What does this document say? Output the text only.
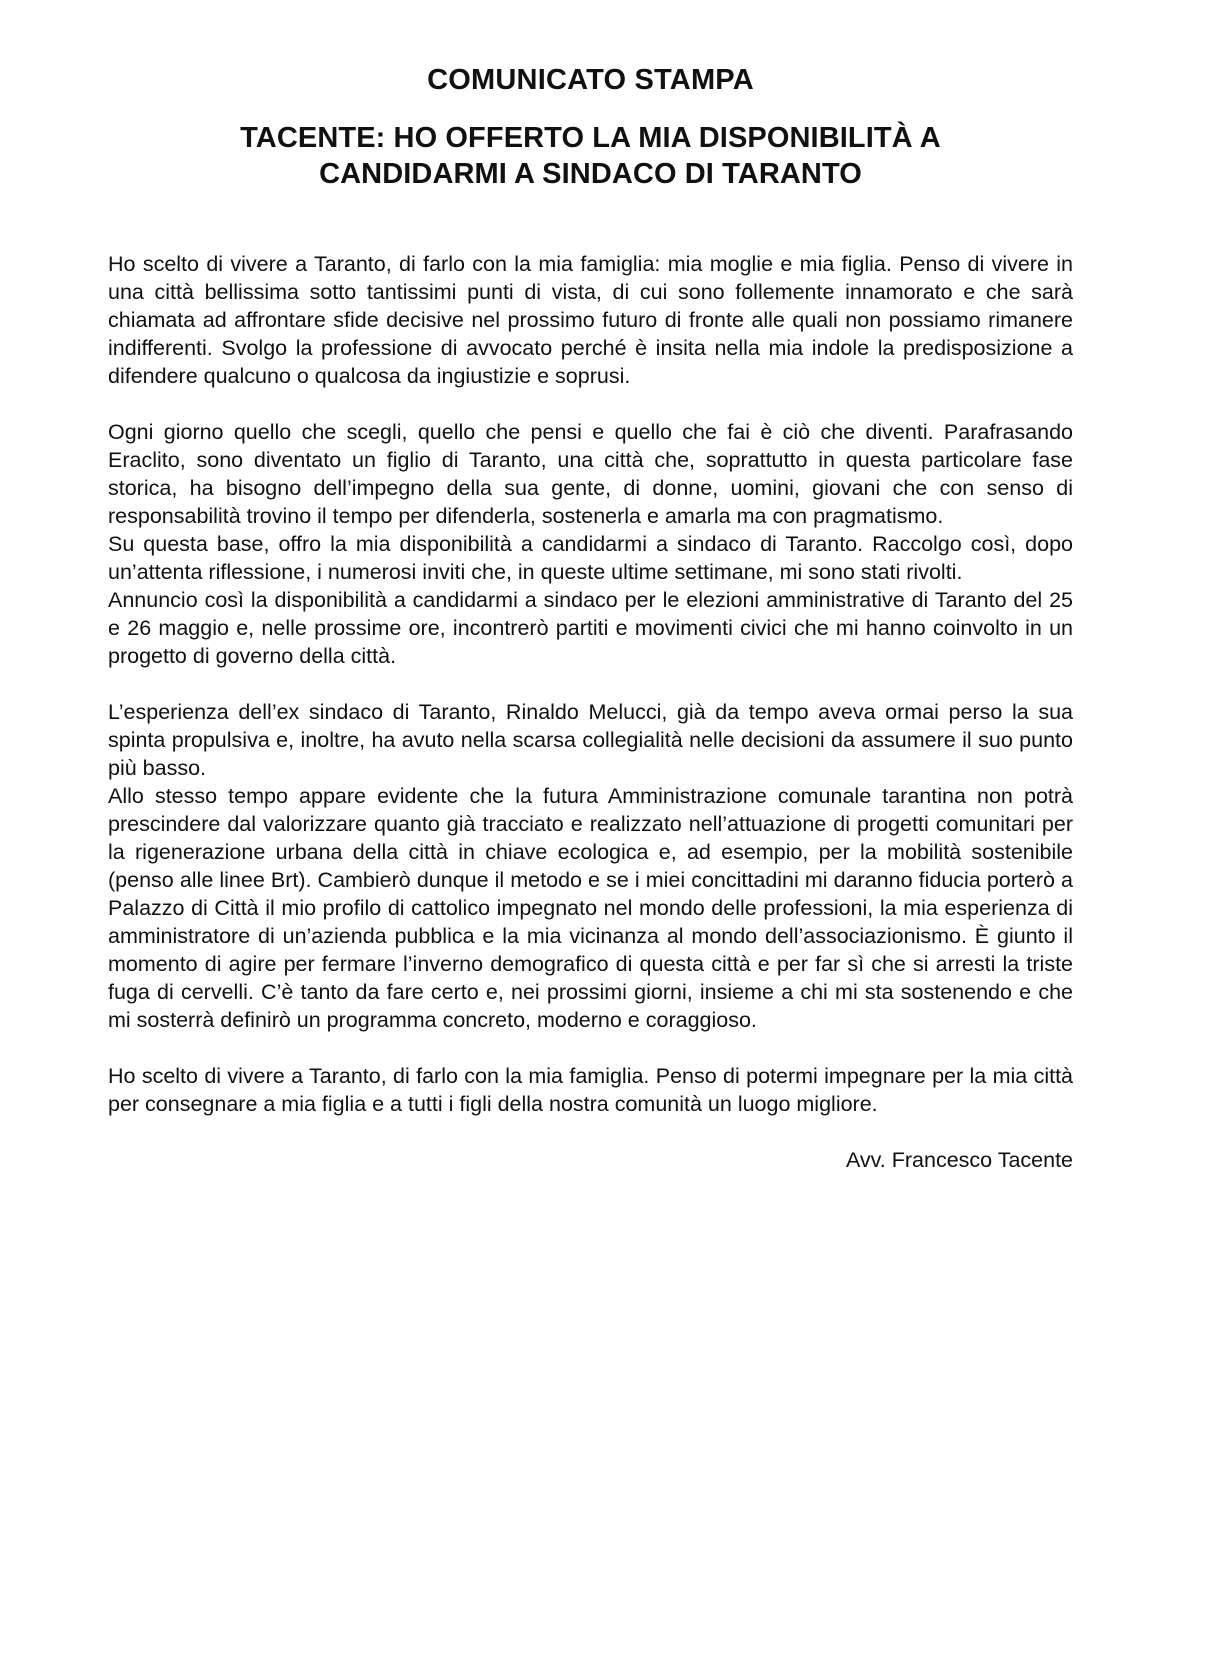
COMUNICATO STAMPA
TACENTE: HO OFFERTO LA MIA DISPONIBILITÀ A CANDIDARMI A SINDACO DI TARANTO

Ho scelto di vivere a Taranto, di farlo con la mia famiglia: mia moglie e mia figlia. Penso di vivere in una città bellissima sotto tantissimi punti di vista, di cui sono follemente innamorato e che sarà chiamata ad affrontare sfide decisive nel prossimo futuro di fronte alle quali non possiamo rimanere indifferenti. Svolgo la professione di avvocato perché è insita nella mia indole la predisposizione a difendere qualcuno o qualcosa da ingiustizie e soprusi.

Ogni giorno quello che scegli, quello che pensi e quello che fai è ciò che diventi. Parafrasando Eraclito, sono diventato un figlio di Taranto, una città che, soprattutto in questa particolare fase storica, ha bisogno dell’impegno della sua gente, di donne, uomini, giovani che con senso di responsabilità trovino il tempo per difenderla, sostenerla e amarla ma con pragmatismo.

Su questa base, offro la mia disponibilità a candidarmi a sindaco di Taranto. Raccolgo così, dopo un’attenta riflessione, i numerosi inviti che, in queste ultime settimane, mi sono stati rivolti.

Annuncio così la disponibilità a candidarmi a sindaco per le elezioni amministrative di Taranto del 25 e 26 maggio e, nelle prossime ore, incontrerò partiti e movimenti civici che mi hanno coinvolto in un progetto di governo della città.

L’esperienza dell’ex sindaco di Taranto, Rinaldo Melucci, già da tempo aveva ormai perso la sua spinta propulsiva e, inoltre, ha avuto nella scarsa collegialità nelle decisioni da assumere il suo punto più basso.

Allo stesso tempo appare evidente che la futura Amministrazione comunale tarantina non potrà prescindere dal valorizzare quanto già tracciato e realizzato nell’attuazione di progetti comunitari per la rigenerazione urbana della città in chiave ecologica e, ad esempio, per la mobilità sostenibile (penso alle linee Brt). Cambierò dunque il metodo e se i miei concittadini mi daranno fiducia porterò a Palazzo di Città il mio profilo di cattolico impegnato nel mondo delle professioni, la mia esperienza di amministratore di un’azienda pubblica e la mia vicinanza al mondo dell’associazionismo. È giunto il momento di agire per fermare l’inverno demografico di questa città e per far sì che si arresti la triste fuga di cervelli. C’è tanto da fare certo e, nei prossimi giorni, insieme a chi mi sta sostenendo e che mi sosterrà definirò un programma concreto, moderno e coraggioso.

Ho scelto di vivere a Taranto, di farlo con la mia famiglia. Penso di potermi impegnare per la mia città per consegnare a mia figlia e a tutti i figli della nostra comunità un luogo migliore.

Avv. Francesco Tacente
